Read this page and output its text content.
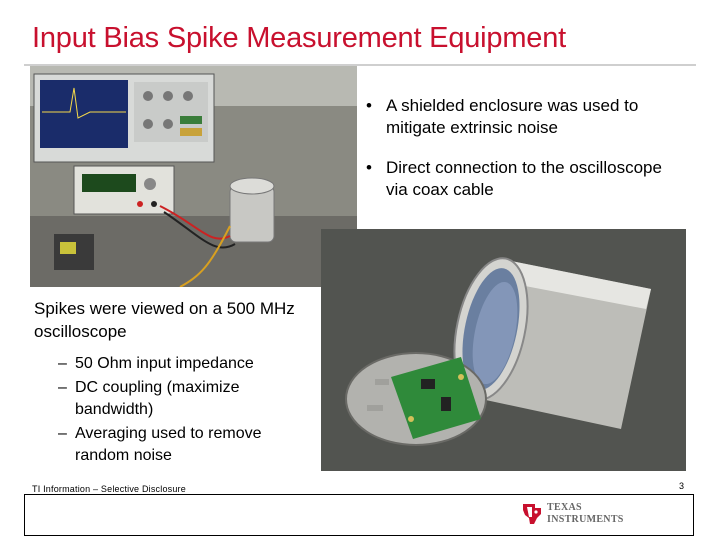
Input Bias Spike Measurement Equipment
• A shielded enclosure was used to mitigate extrinsic noise
• Direct connection to the oscilloscope via coax cable

Spikes were viewed on a 500 MHz oscilloscope

– 50 Ohm input impedance
– DC coupling (maximize bandwidth)
– Averaging used to remove random noise
TI Information – Selective Disclosure	3
TEXAS
INSTRUMENTS
